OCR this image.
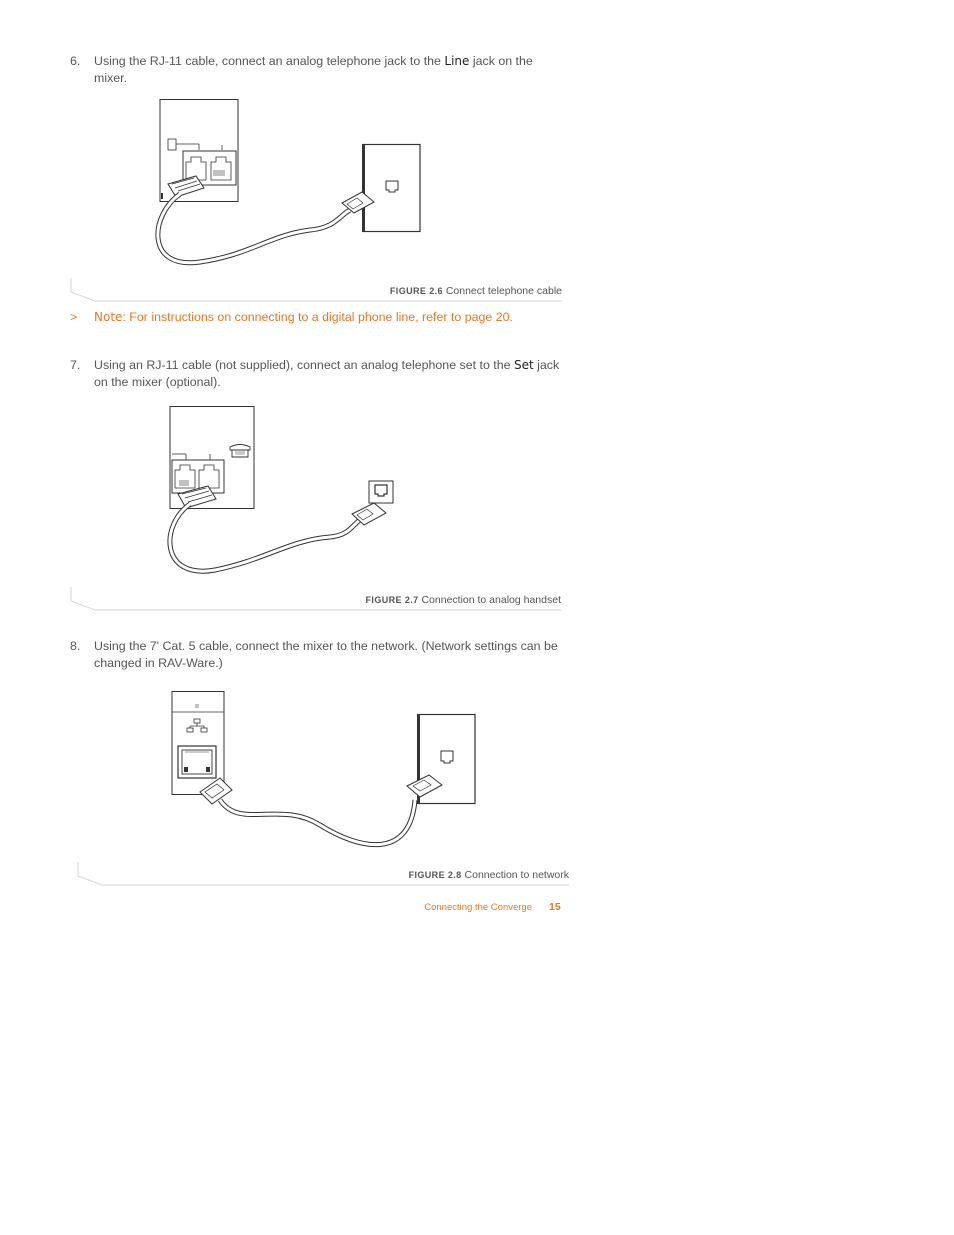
6. Using the RJ-11 cable, connect an analog telephone jack to the Line jack on the mixer.
FIGURE 2.6 Connect telephone cable
> Note: For instructions on connecting to a digital phone line, refer to page 20.
7. Using an RJ-11 cable (not supplied), connect an analog telephone set to the Set jack on the mixer (optional).
FIGURE 2.7 Connection to analog handset
8. Using the 7' Cat. 5 cable, connect the mixer to the network. (Network settings can be changed in RAV-Ware.)
FIGURE 2.8 Connection to network
Connecting the Converge 15
